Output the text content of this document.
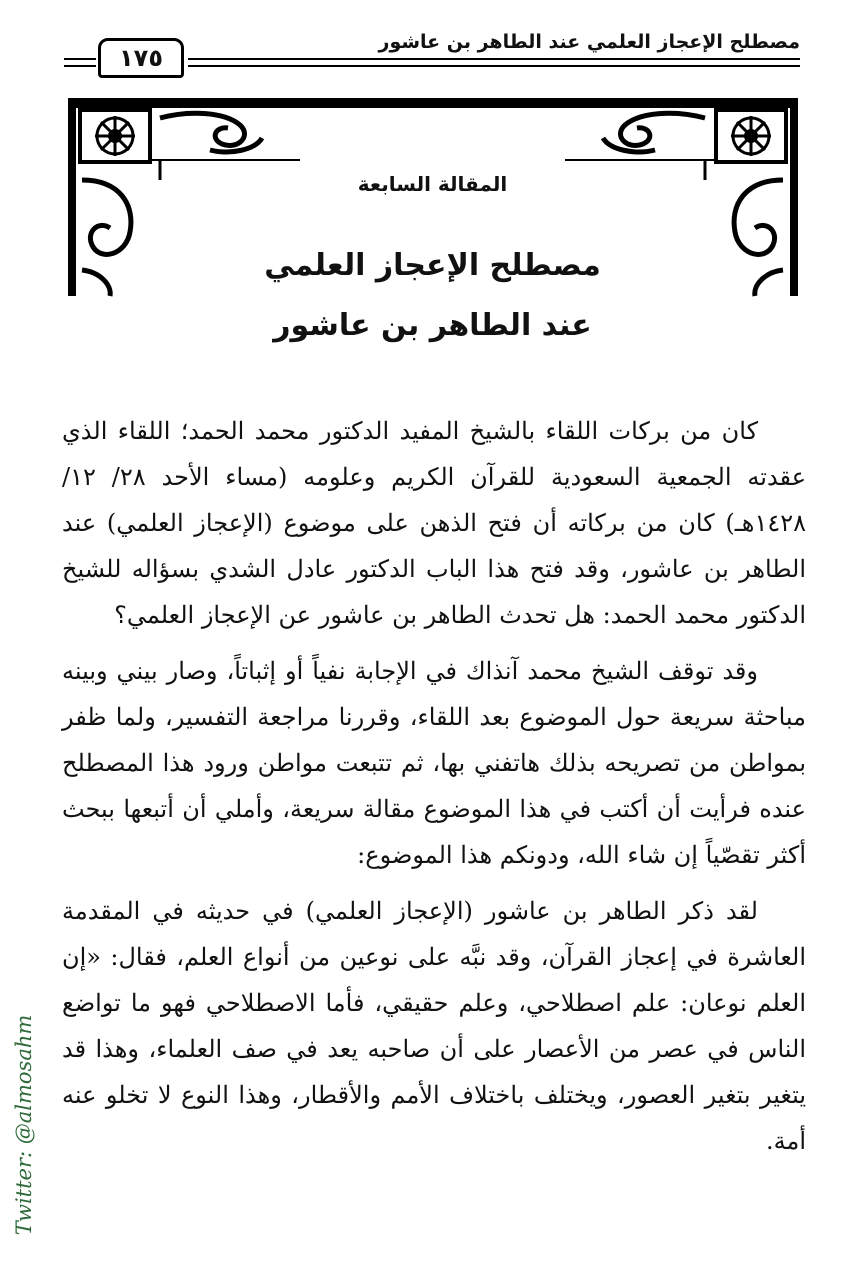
مصطلح الإعجاز العلمي عند الطاهر بن عاشور
١٧٥
المقالة السابعة
مصطلح الإعجاز العلمي
عند الطاهر بن عاشور

كان من بركات اللقاء بالشيخ المفيد الدكتور محمد الحمد؛ اللقاء الذي عقدته الجمعية السعودية للقرآن الكريم وعلومه (مساء الأحد ٢٨/ ١٢/ ١٤٢٨هـ) كان من بركاته أن فتح الذهن على موضوع (الإعجاز العلمي) عند الطاهر بن عاشور، وقد فتح هذا الباب الدكتور عادل الشدي بسؤاله للشيخ الدكتور محمد الحمد: هل تحدث الطاهر بن عاشور عن الإعجاز العلمي؟

وقد توقف الشيخ محمد آنذاك في الإجابة نفياً أو إثباتاً، وصار بيني وبينه مباحثة سريعة حول الموضوع بعد اللقاء، وقررنا مراجعة التفسير، ولما ظفر بمواطن من تصريحه بذلك هاتفني بها، ثم تتبعت مواطن ورود هذا المصطلح عنده فرأيت أن أكتب في هذا الموضوع مقالة سريعة، وأملي أن أتبعها ببحث أكثر تقصّياً إن شاء الله، ودونكم هذا الموضوع:

لقد ذكر الطاهر بن عاشور (الإعجاز العلمي) في حديثه في المقدمة العاشرة في إعجاز القرآن، وقد نبَّه على نوعين من أنواع العلم، فقال: «إن العلم نوعان: علم اصطلاحي، وعلم حقيقي، فأما الاصطلاحي فهو ما تواضع الناس في عصر من الأعصار على أن صاحبه يعد في صف العلماء، وهذا قد يتغير بتغير العصور، ويختلف باختلاف الأمم والأقطار، وهذا النوع لا تخلو عنه أمة.

Twitter: @almosahm
